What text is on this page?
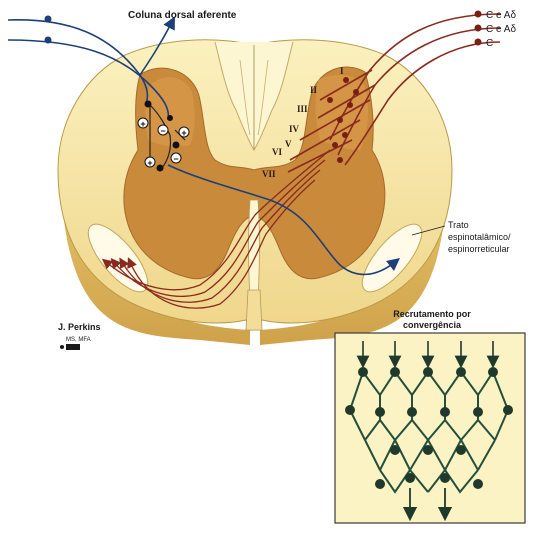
I
II
III
IV
V
VI
VII
+
− +
+ −
Coluna dorsal aferente	C e Aδ
C e Aδ
C
Trato
espinotalâmico/
espinorreticular
J. Perkins
MS, MFA
Recrutamento por
convergência
